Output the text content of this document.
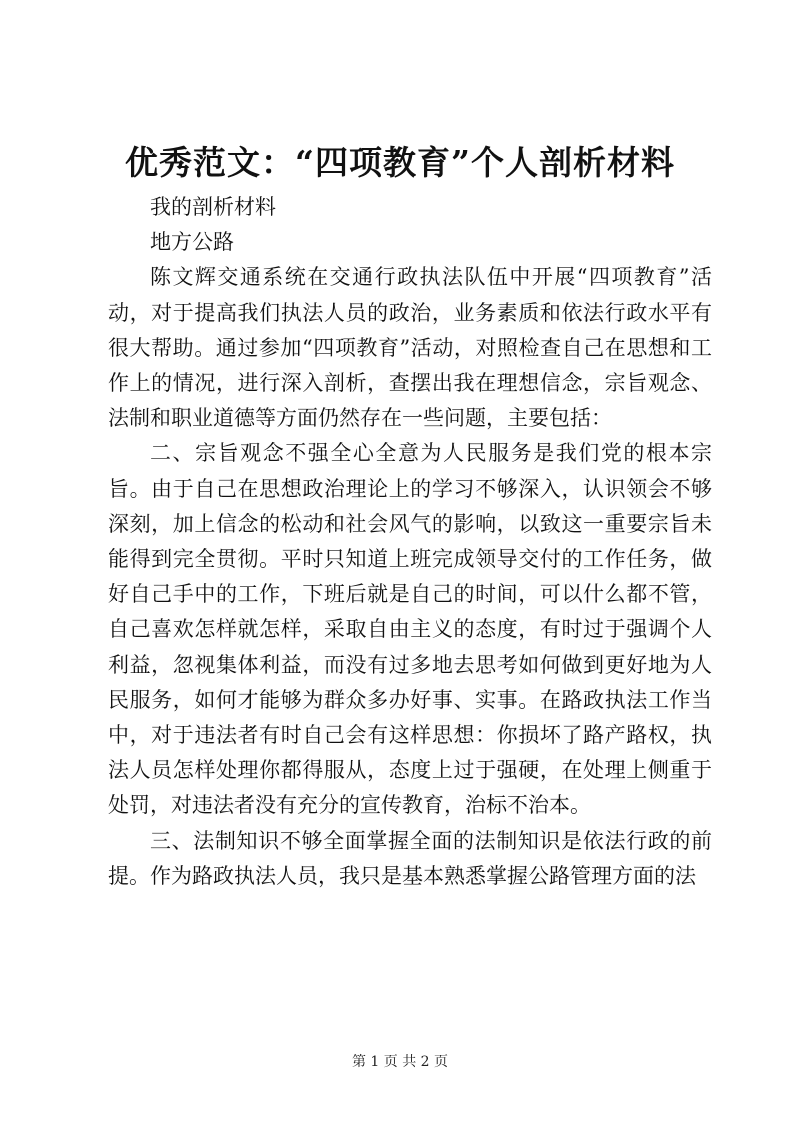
优秀范文：“四项教育”个人剖析材料

我的剖析材料

地方公路

陈文辉交通系统在交通行政执法队伍中开展“四项教育”活动，对于提高我们执法人员的政治，业务素质和依法行政水平有很大帮助。通过参加“四项教育”活动，对照检查自己在思想和工作上的情况，进行深入剖析，查摆出我在理想信念，宗旨观念、法制和职业道德等方面仍然存在一些问题，主要包括：

二、宗旨观念不强全心全意为人民服务是我们党的根本宗旨。由于自己在思想政治理论上的学习不够深入，认识领会不够深刻，加上信念的松动和社会风气的影响，以致这一重要宗旨未能得到完全贯彻。平时只知道上班完成领导交付的工作任务，做好自己手中的工作，下班后就是自己的时间，可以什么都不管，自己喜欢怎样就怎样，采取自由主义的态度，有时过于强调个人利益，忽视集体利益，而没有过多地去思考如何做到更好地为人民服务，如何才能够为群众多办好事、实事。在路政执法工作当中，对于违法者有时自己会有这样思想：你损坏了路产路权，执法人员怎样处理你都得服从，态度上过于强硬，在处理上侧重于处罚，对违法者没有充分的宣传教育，治标不治本。

三、法制知识不够全面掌握全面的法制知识是依法行政的前提。作为路政执法人员，我只是基本熟悉掌握公路管理方面的法

第 1 页 共 2 页
